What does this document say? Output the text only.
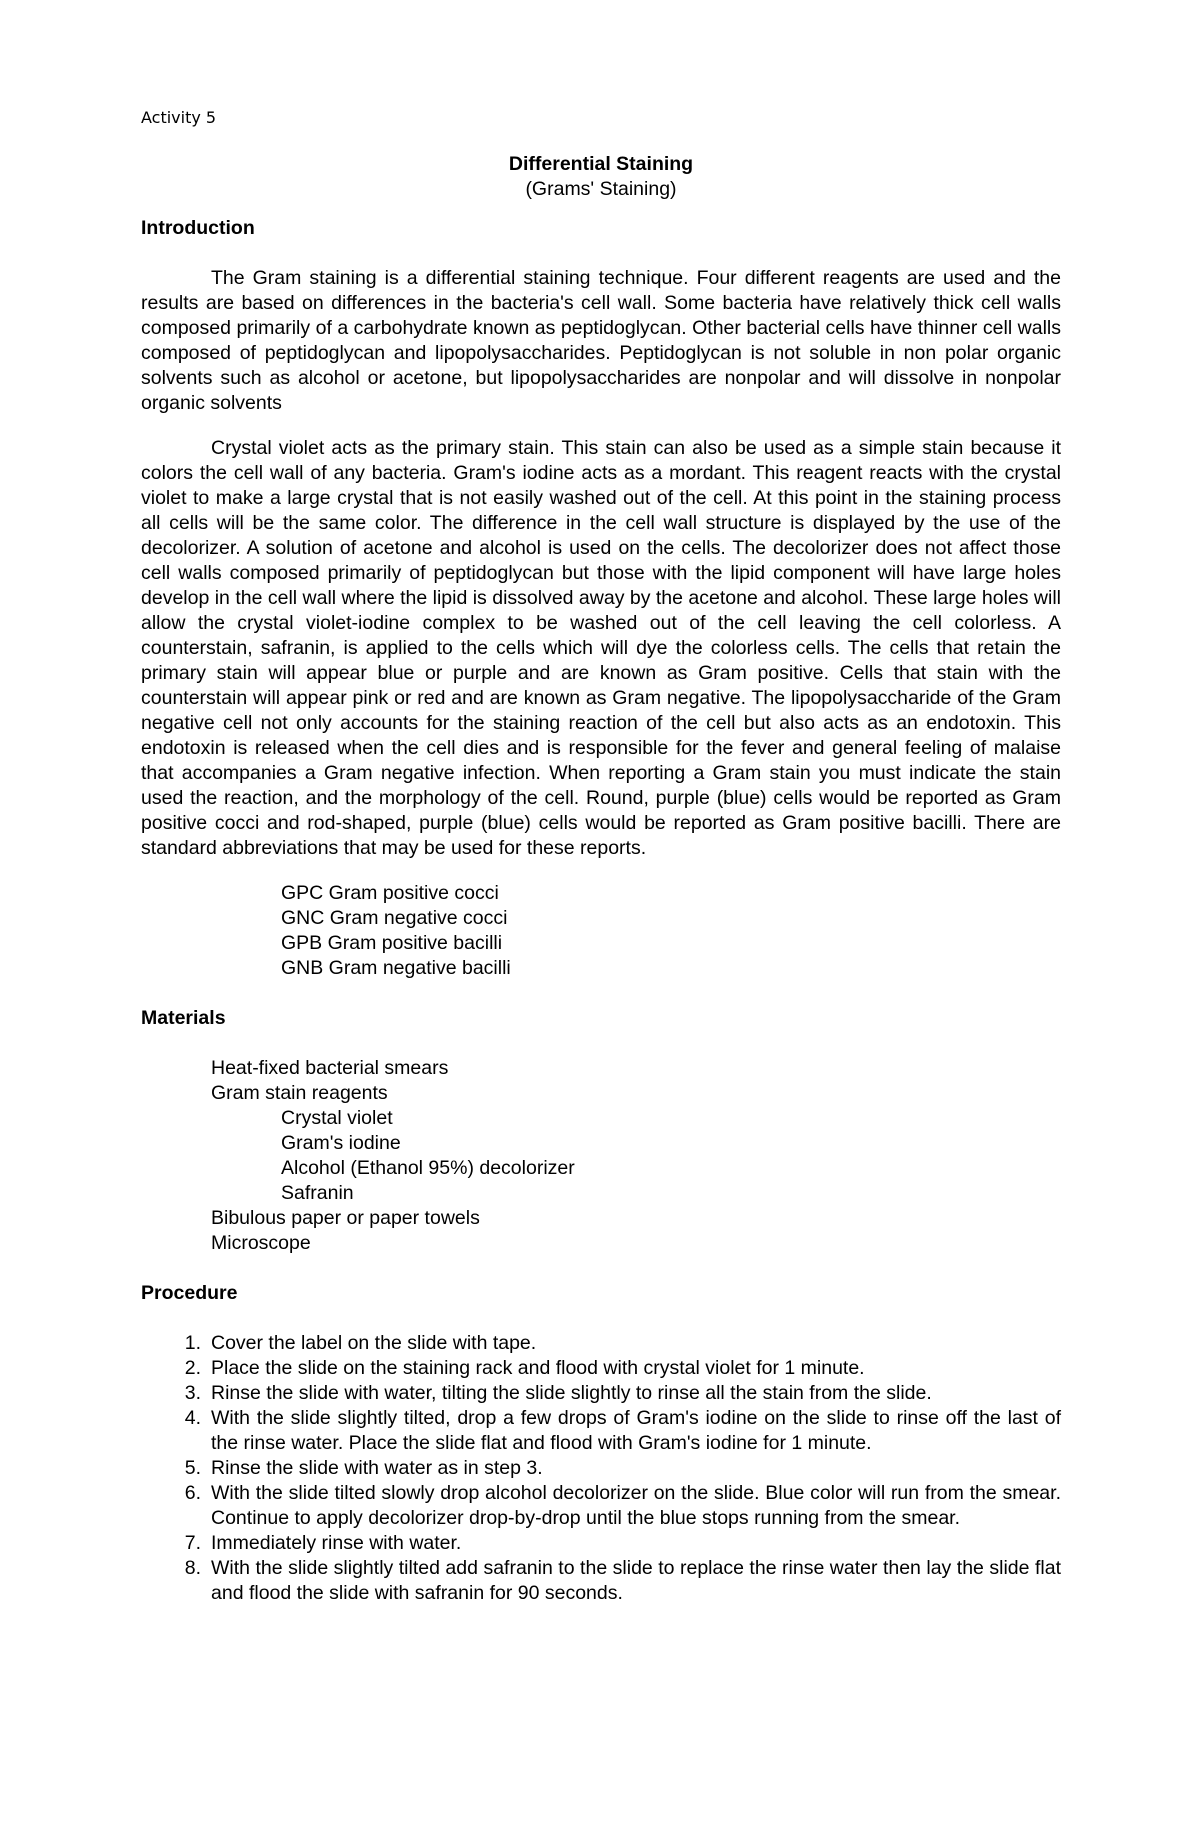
Activity 5

Differential Staining

(Grams' Staining)

Introduction

The Gram staining is a differential staining technique. Four different reagents are used and the results are based on differences in the bacteria's cell wall. Some bacteria have relatively thick cell walls composed primarily of a carbohydrate known as peptidoglycan. Other bacterial cells have thinner cell walls composed of peptidoglycan and lipopolysaccharides. Peptidoglycan is not soluble in non polar organic solvents such as alcohol or acetone, but lipopolysaccharides are nonpolar and will dissolve in nonpolar organic solvents

Crystal violet acts as the primary stain. This stain can also be used as a simple stain because it colors the cell wall of any bacteria. Gram's iodine acts as a mordant. This reagent reacts with the crystal violet to make a large crystal that is not easily washed out of the cell. At this point in the staining process all cells will be the same color. The difference in the cell wall structure is displayed by the use of the decolorizer. A solution of acetone and alcohol is used on the cells. The decolorizer does not affect those cell walls composed primarily of peptidoglycan but those with the lipid component will have large holes develop in the cell wall where the lipid is dissolved away by the acetone and alcohol. These large holes will allow the crystal violet-iodine complex to be washed out of the cell leaving the cell colorless. A counterstain, safranin, is applied to the cells which will dye the colorless cells. The cells that retain the primary stain will appear blue or purple and are known as Gram positive. Cells that stain with the counterstain will appear pink or red and are known as Gram negative. The lipopolysaccharide of the Gram negative cell not only accounts for the staining reaction of the cell but also acts as an endotoxin. This endotoxin is released when the cell dies and is responsible for the fever and general feeling of malaise that accompanies a Gram negative infection. When reporting a Gram stain you must indicate the stain used the reaction, and the morphology of the cell. Round, purple (blue) cells would be reported as Gram positive cocci and rod-shaped, purple (blue) cells would be reported as Gram positive bacilli. There are standard abbreviations that may be used for these reports.

GPC Gram positive cocci
GNC Gram negative cocci
GPB Gram positive bacilli
GNB Gram negative bacilli

Materials

Heat-fixed bacterial smears
Gram stain reagents
Crystal violet
Gram's iodine
Alcohol (Ethanol 95%) decolorizer
Safranin
Bibulous paper or paper towels
Microscope

Procedure

1. Cover the label on the slide with tape.
2. Place the slide on the staining rack and flood with crystal violet for 1 minute.
3. Rinse the slide with water, tilting the slide slightly to rinse all the stain from the slide.
4. With the slide slightly tilted, drop a few drops of Gram's iodine on the slide to rinse off the last of the rinse water. Place the slide flat and flood with Gram's iodine for 1 minute.
5. Rinse the slide with water as in step 3.
6. With the slide tilted slowly drop alcohol decolorizer on the slide. Blue color will run from the smear. Continue to apply decolorizer drop-by-drop until the blue stops running from the smear.
7. Immediately rinse with water.
8. With the slide slightly tilted add safranin to the slide to replace the rinse water then lay the slide flat and flood the slide with safranin for 90 seconds.
